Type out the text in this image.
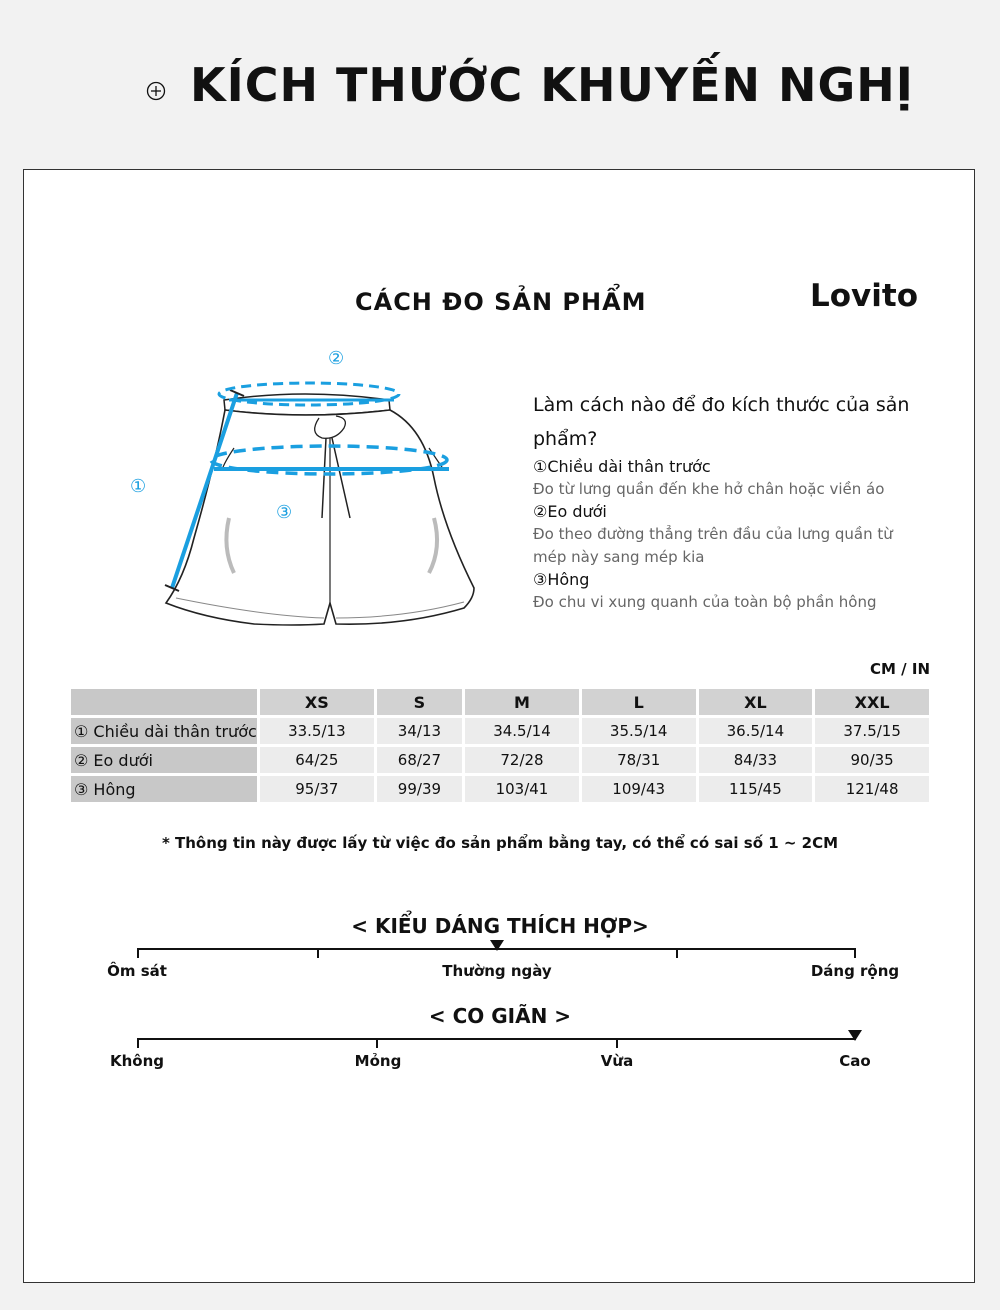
KÍCH THƯỚC KHUYẾN NGHỊ
CÁCH ĐO SẢN PHẨM	Lovito
②
①
③
Làm cách nào để đo kích thước của sản phẩm?
①Chiều dài thân trước
Đo từ lưng quần đến khe hở chân hoặc viền áo
②Eo dưới
Đo theo đường thẳng trên đầu của lưng quần từ mép này sang mép kia
③Hông
Đo chu vi xung quanh của toàn bộ phần hông
CM / IN
	XS	S	M	L	XL	XXL
① Chiều dài thân trước	33.5/13	34/13	34.5/14	35.5/14	36.5/14	37.5/15
② Eo dưới	64/25	68/27	72/28	78/31	84/33	90/35
③ Hông	95/37	99/39	103/41	109/43	115/45	121/48
* Thông tin này được lấy từ việc đo sản phẩm bằng tay, có thể có sai số 1 ~ 2CM
< KIỂU DÁNG THÍCH HỢP>
Ôm sát	Thường ngày	Dáng rộng
< CO GIÃN >
Không	Mỏng	Vừa	Cao
